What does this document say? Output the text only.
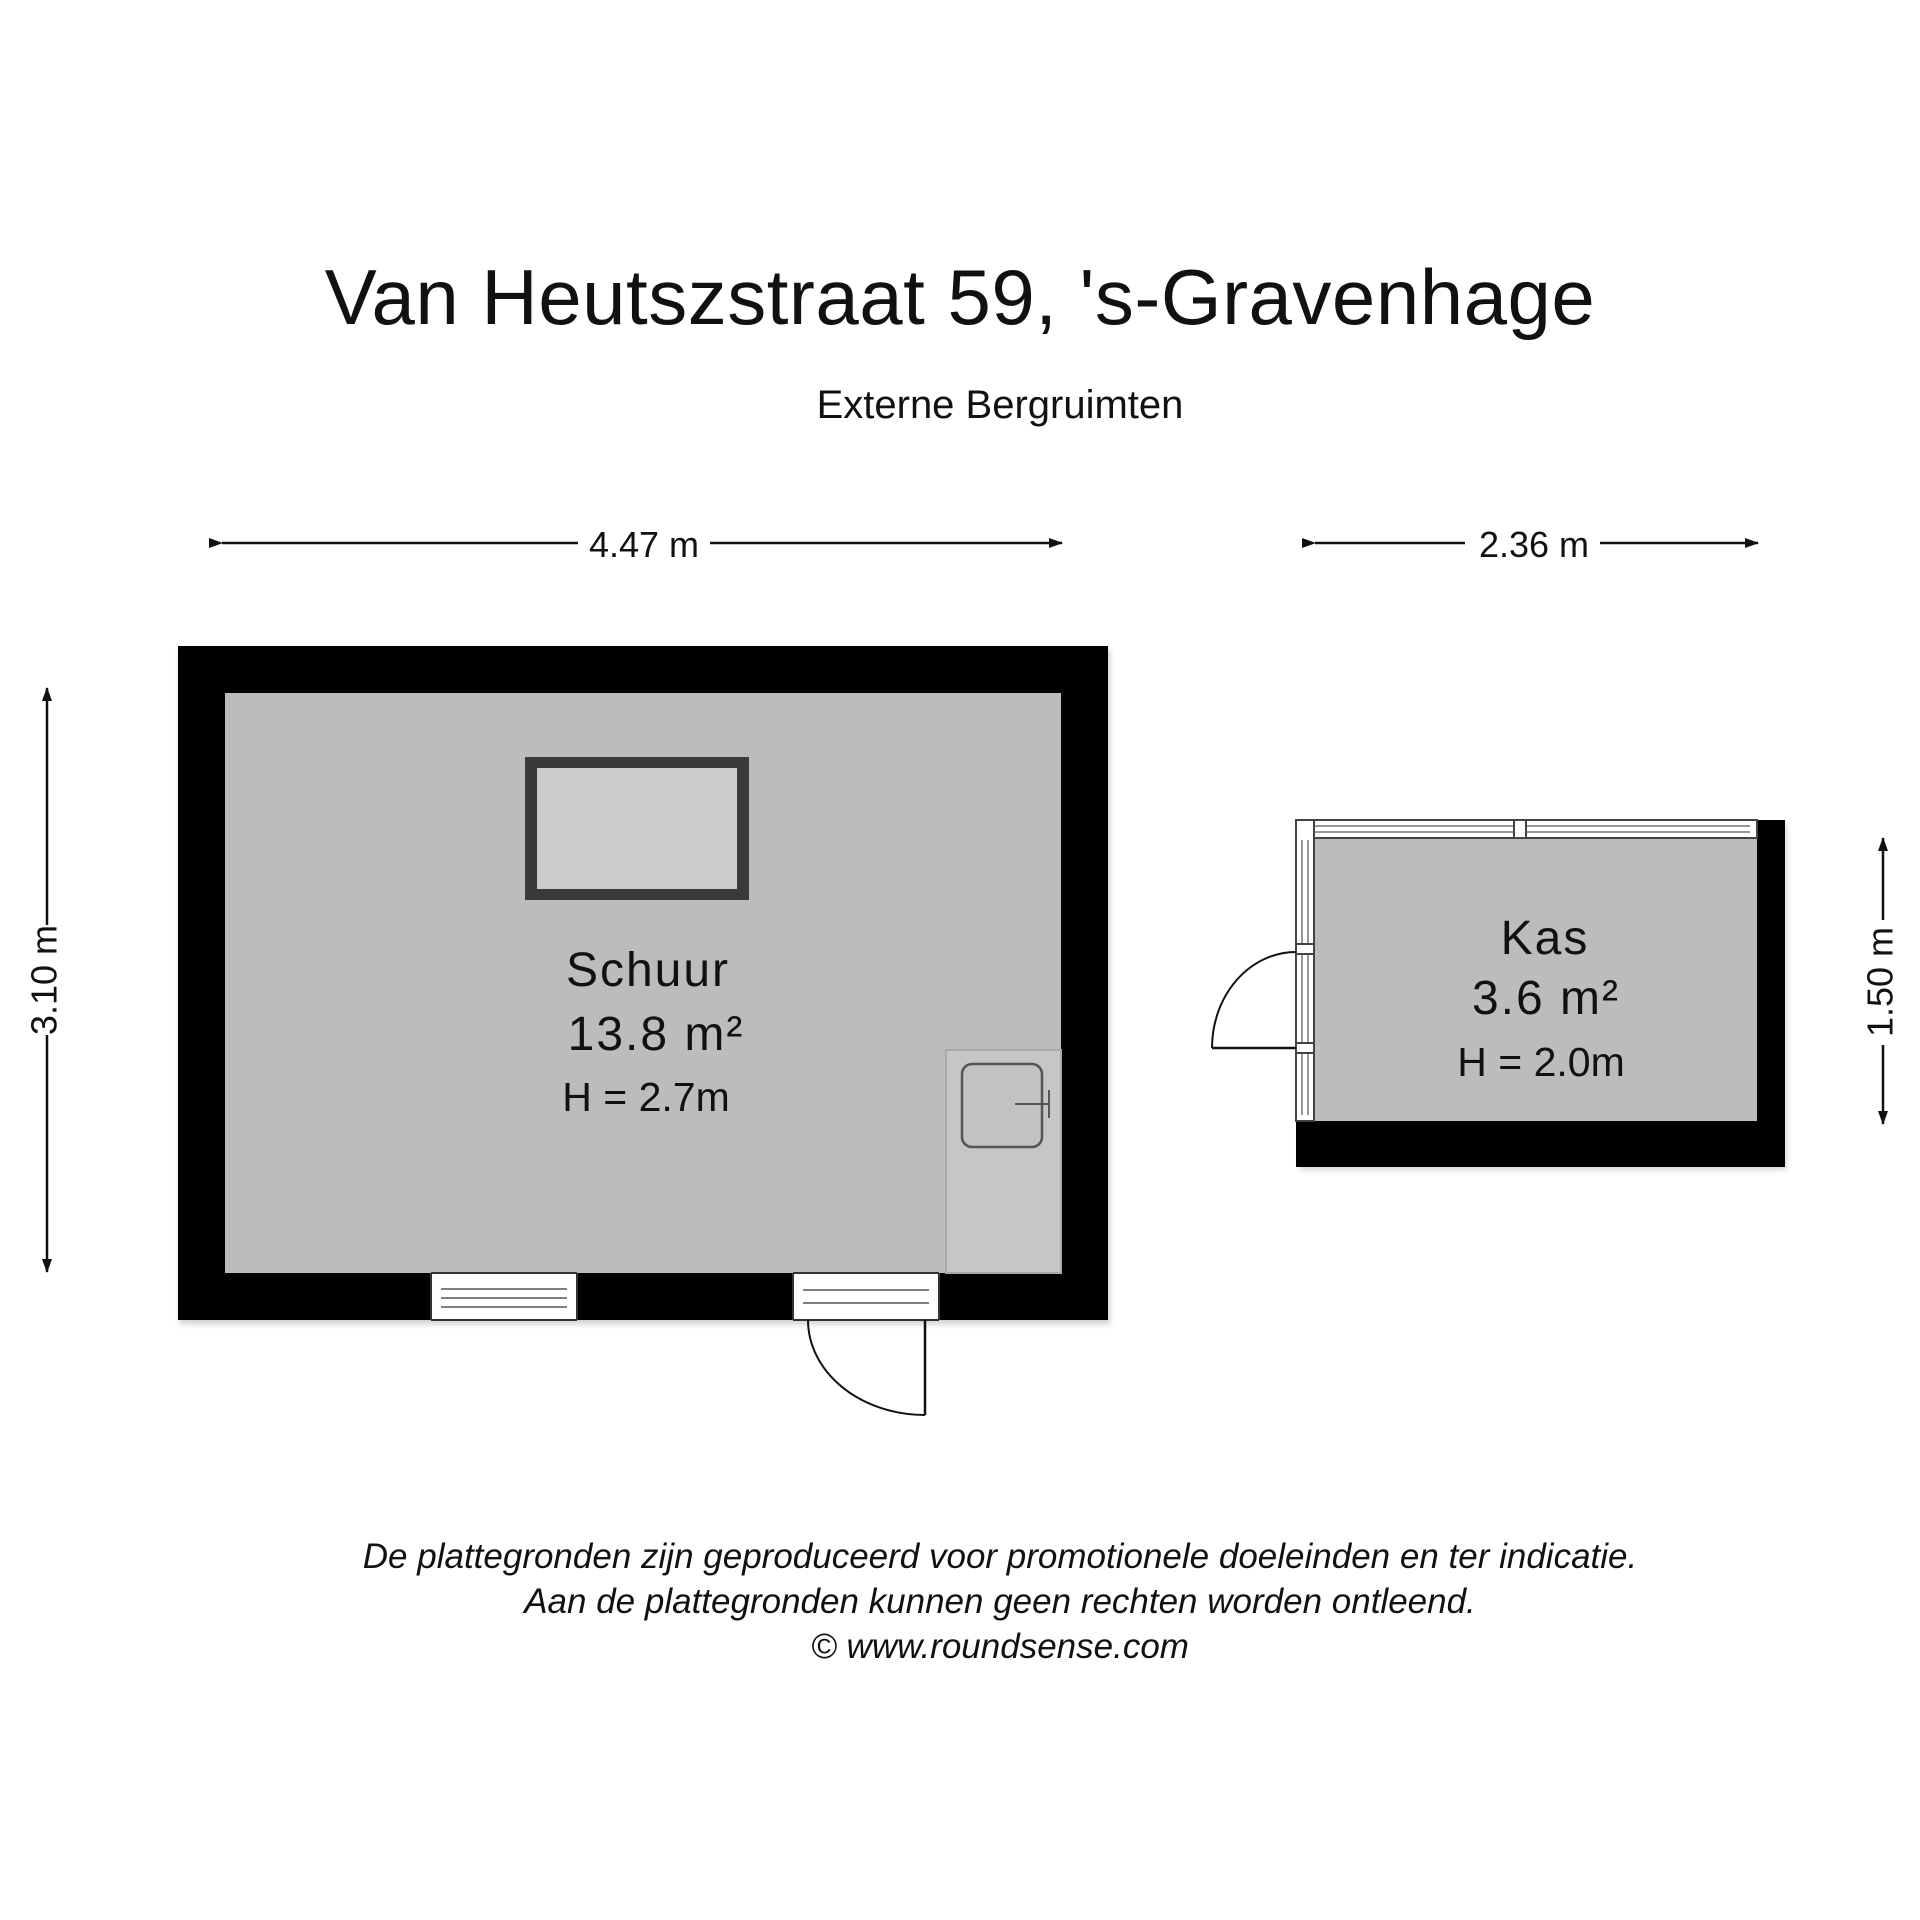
Van Heutszstraat 59, 's-Gravenhage
Externe Bergruimten
4.47 m	2.36 m
3.10 m	1.50 m
Schuur
13.8 m²
H = 2.7m
Kas
3.6 m²
H = 2.0m
De plattegronden zijn geproduceerd voor promotionele doeleinden en ter indicatie.
Aan de plattegronden kunnen geen rechten worden ontleend.
© www.roundsense.com
